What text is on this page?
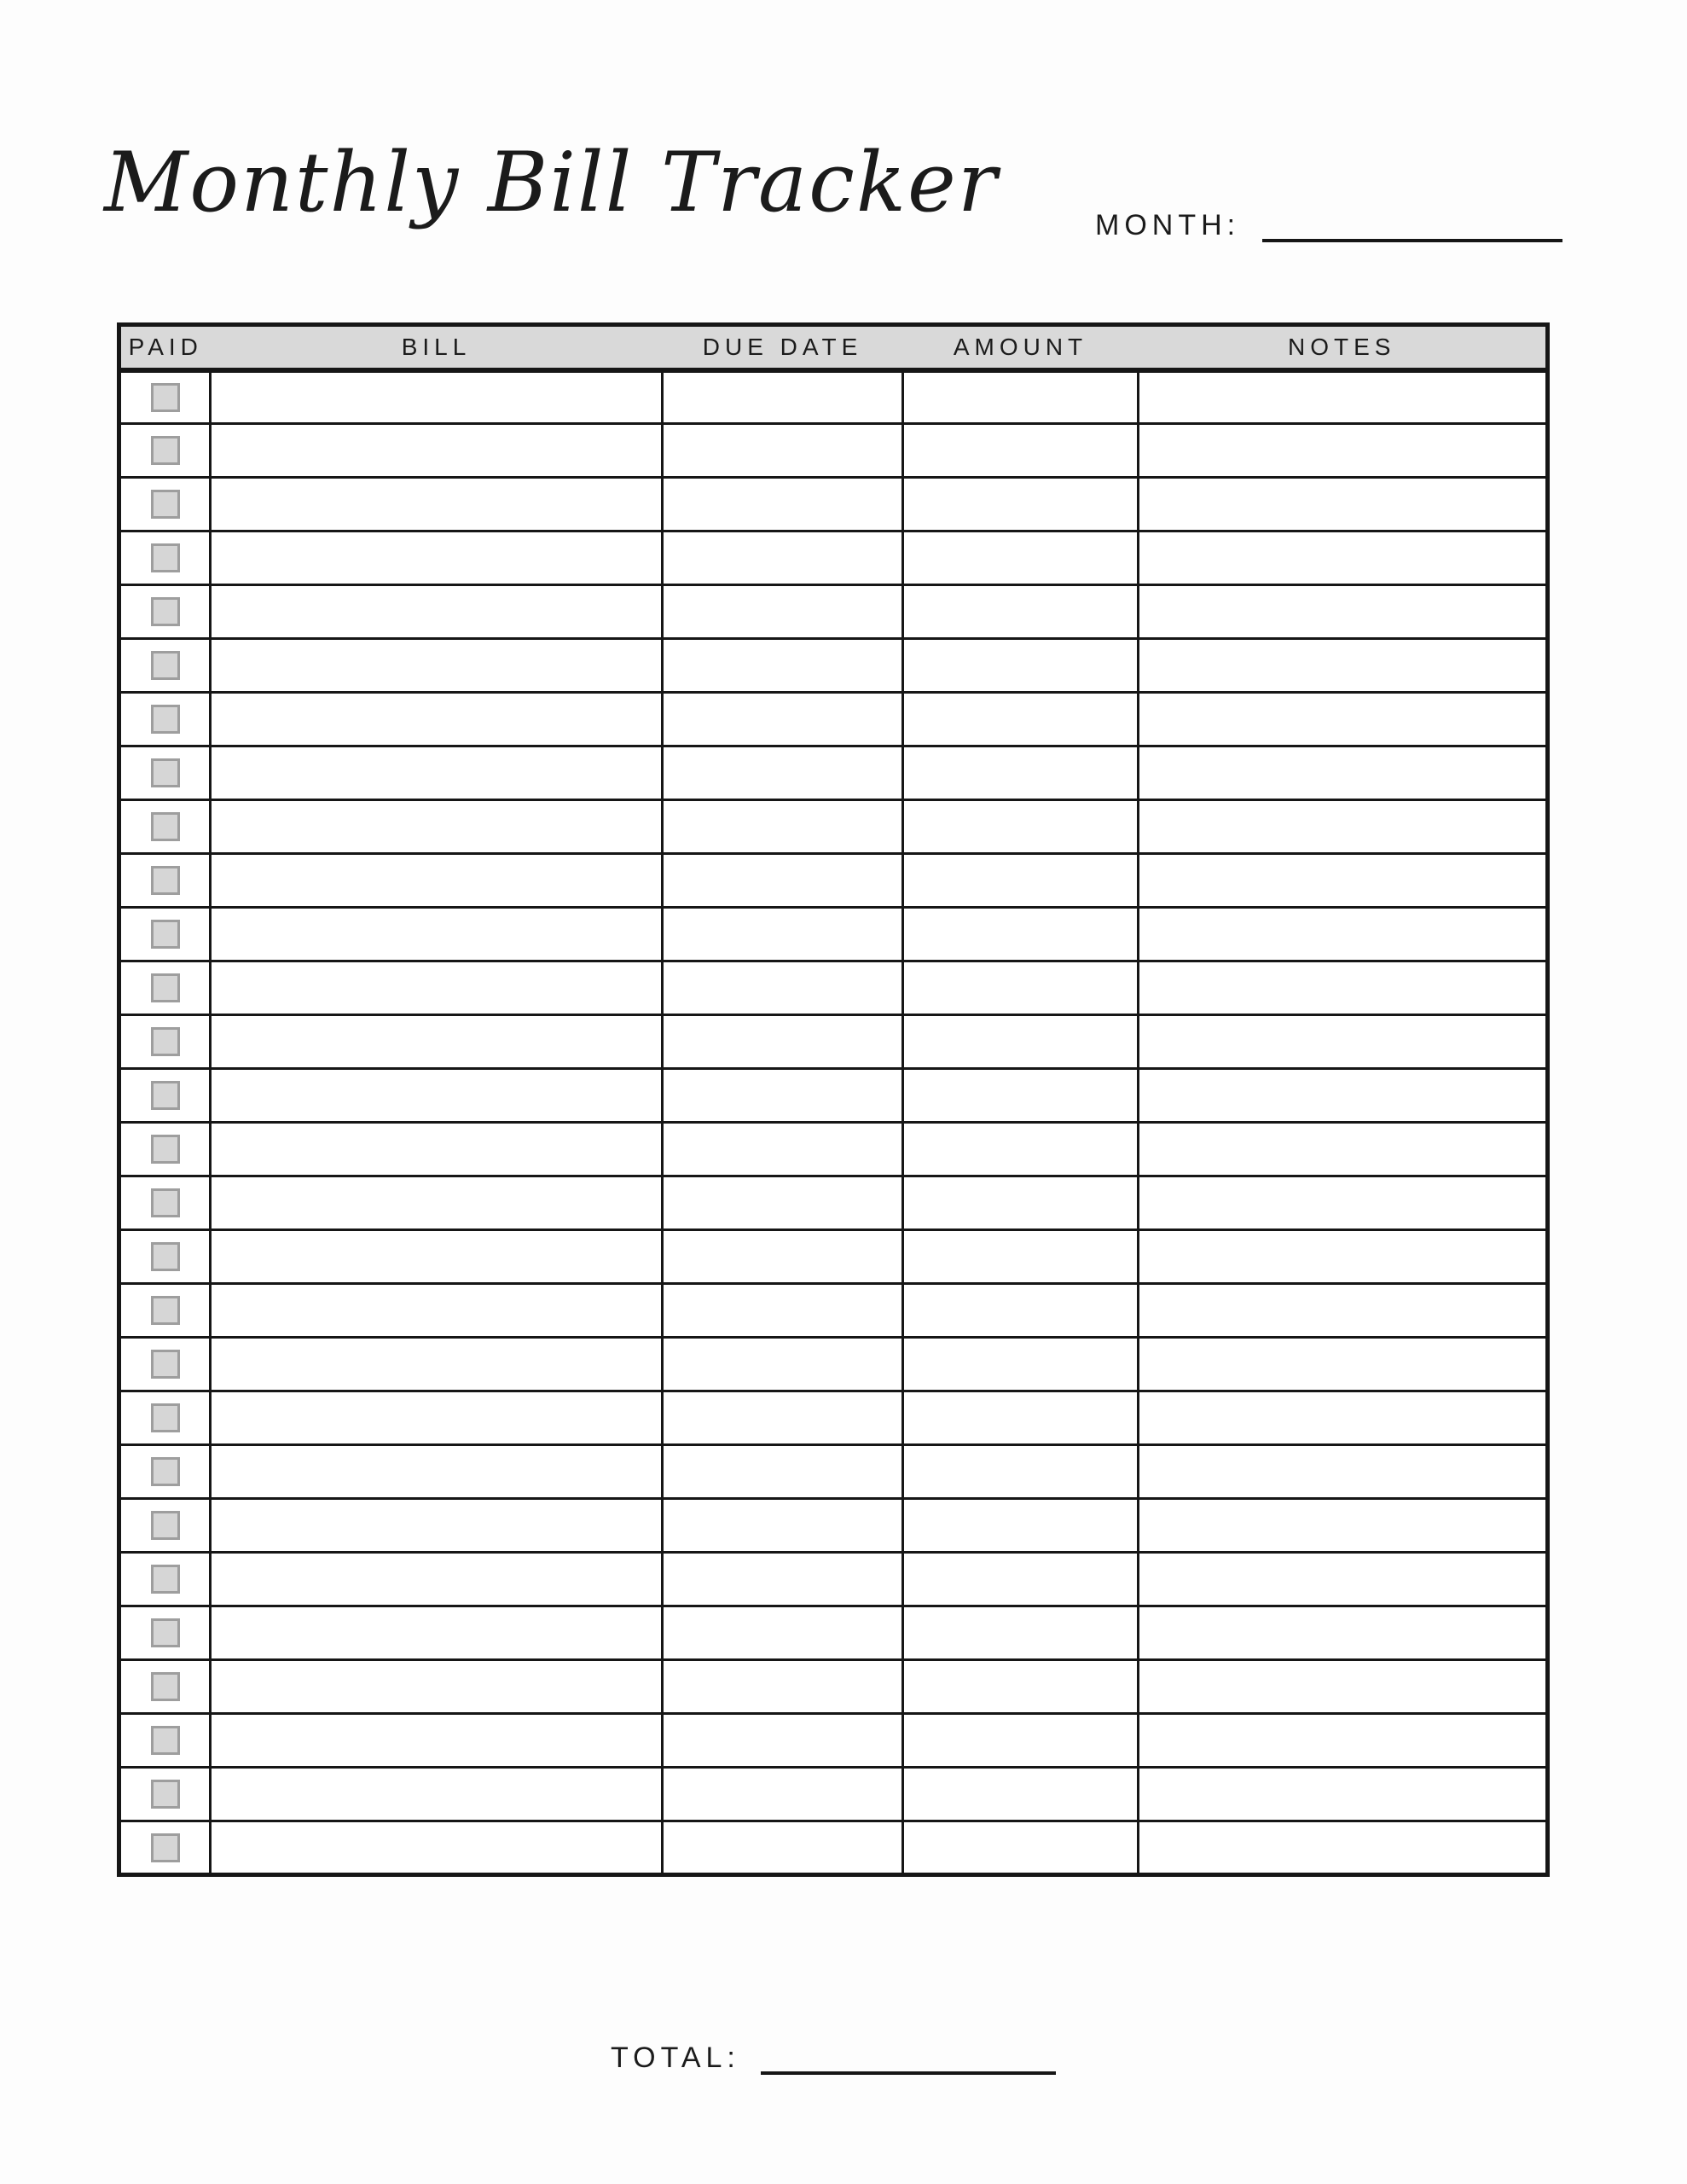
Monthly Bill Tracker	MONTH:
PAID	BILL	DUE DATE	AMOUNT	NOTES

TOTAL:
